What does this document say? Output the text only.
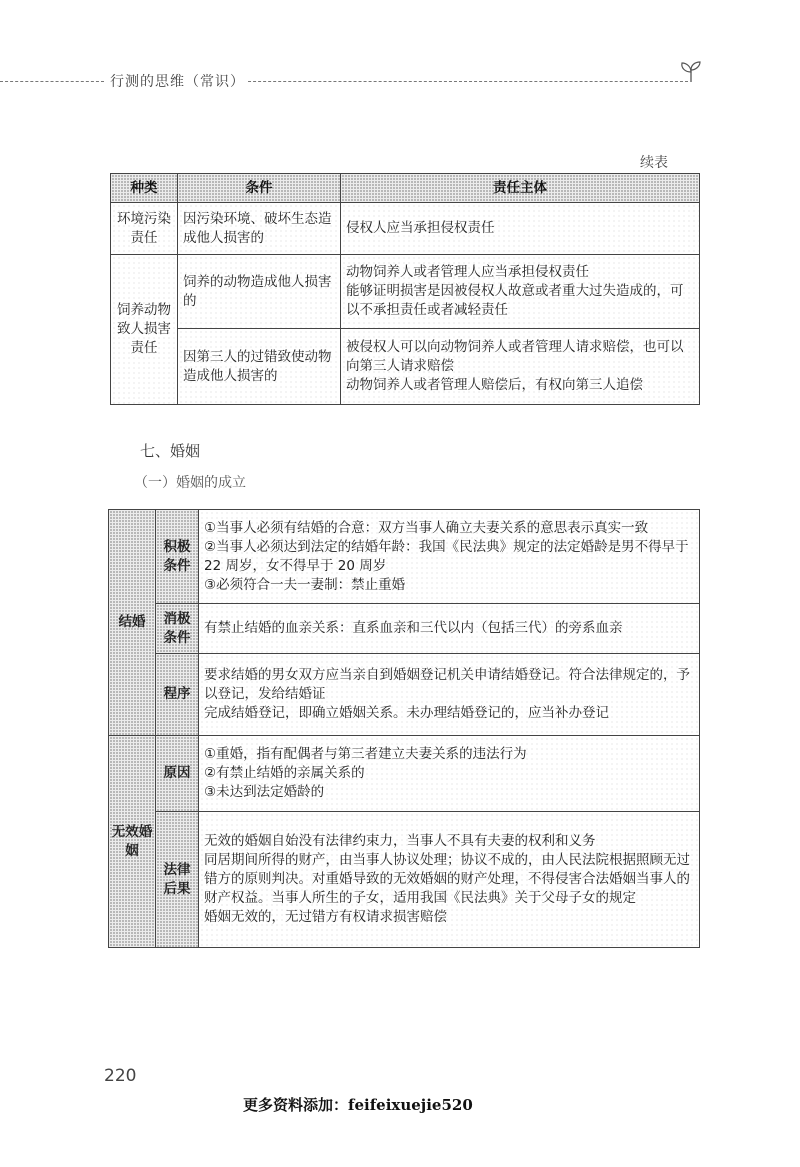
行测的思维（常识）
续表
种类	条件	责任主体
环境污染责任	因污染环境、破坏生态造成他人损害的	侵权人应当承担侵权责任
饲养动物致人损害责任	饲养的动物造成他人损害的	动物饲养人或者管理人应当承担侵权责任
能够证明损害是因被侵权人故意或者重大过失造成的，可以不承担责任或者减轻责任

	因第三人的过错致使动物造成他人损害的	被侵权人可以向动物饲养人或者管理人请求赔偿，也可以向第三人请求赔偿
动物饲养人或者管理人赔偿后，有权向第三人追偿
七、婚姻
（一）婚姻的成立
结婚	积极条件	①当事人必须有结婚的合意：双方当事人确立夫妻关系的意思表示真实一致
②当事人必须达到法定的结婚年龄：我国《民法典》规定的法定婚龄是男不得早于 22 周岁，女不得早于 20 周岁
③必须符合一夫一妻制：禁止重婚

	消极条件	有禁止结婚的血亲关系：直系血亲和三代以内（包括三代）的旁系血亲

	程序	要求结婚的男女双方应当亲自到婚姻登记机关申请结婚登记。符合法律规定的，予以登记，发给结婚证
完成结婚登记，即确立婚姻关系。未办理结婚登记的，应当补办登记

无效婚姻	原因	①重婚，指有配偶者与第三者建立夫妻关系的违法行为
②有禁止结婚的亲属关系的
③未达到法定婚龄的

	法律后果	无效的婚姻自始没有法律约束力，当事人不具有夫妻的权利和义务
同居期间所得的财产，由当事人协议处理；协议不成的，由人民法院根据照顾无过错方的原则判决。对重婚导致的无效婚姻的财产处理，不得侵害合法婚姻当事人的财产权益。当事人所生的子女，适用我国《民法典》关于父母子女的规定
婚姻无效的，无过错方有权请求损害赔偿
220
更多资料添加：feifeixuejie520
